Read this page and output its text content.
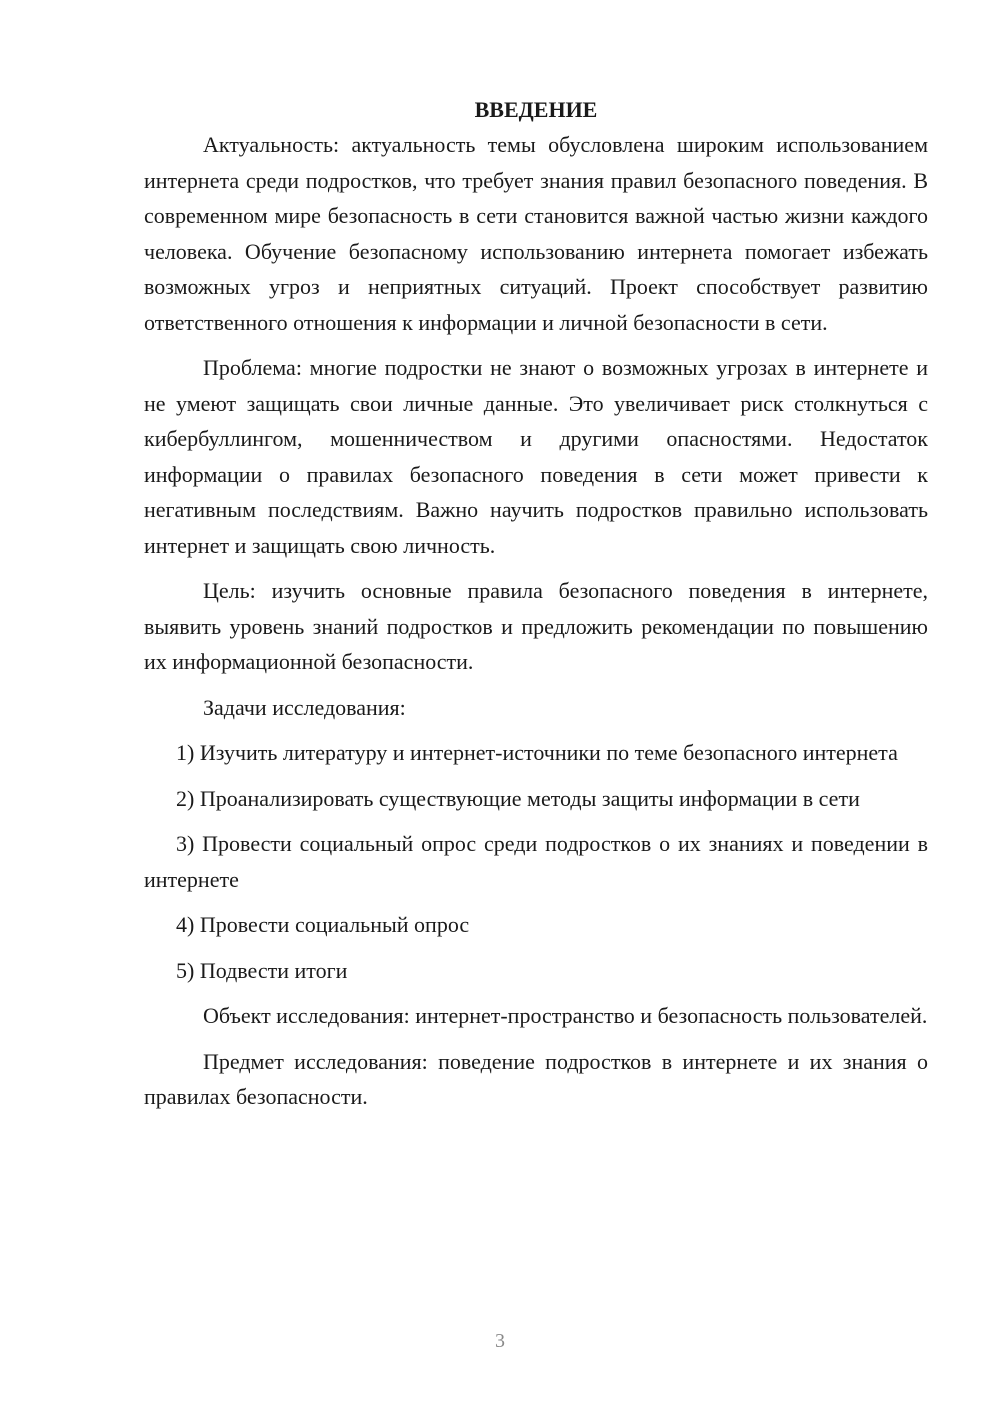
ВВЕДЕНИЕ

Актуальность: актуальность темы обусловлена широким использованием интернета среди подростков, что требует знания правил безопасного поведения. В современном мире безопасность в сети становится важной частью жизни каждого человека. Обучение безопасному использованию интернета помогает избежать возможных угроз и неприятных ситуаций. Проект способствует развитию ответственного отношения к информации и личной безопасности в сети.

Проблема: многие подростки не знают о возможных угрозах в интернете и не умеют защищать свои личные данные. Это увеличивает риск столкнуться с кибербуллингом, мошенничеством и другими опасностями. Недостаток информации о правилах безопасного поведения в сети может привести к негативным последствиям. Важно научить подростков правильно использовать интернет и защищать свою личность.

Цель: изучить основные правила безопасного поведения в интернете, выявить уровень знаний подростков и предложить рекомендации по повышению их информационной безопасности.

Задачи исследования:

1) Изучить литературу и интернет-источники по теме безопасного интернета

2) Проанализировать существующие методы защиты информации в сети

3) Провести социальный опрос среди подростков о их знаниях и поведении в интернете

4) Провести социальный опрос

5) Подвести итоги

Объект исследования: интернет-пространство и безопасность пользователей.

Предмет исследования: поведение подростков в интернете и их знания о правилах безопасности.

3
